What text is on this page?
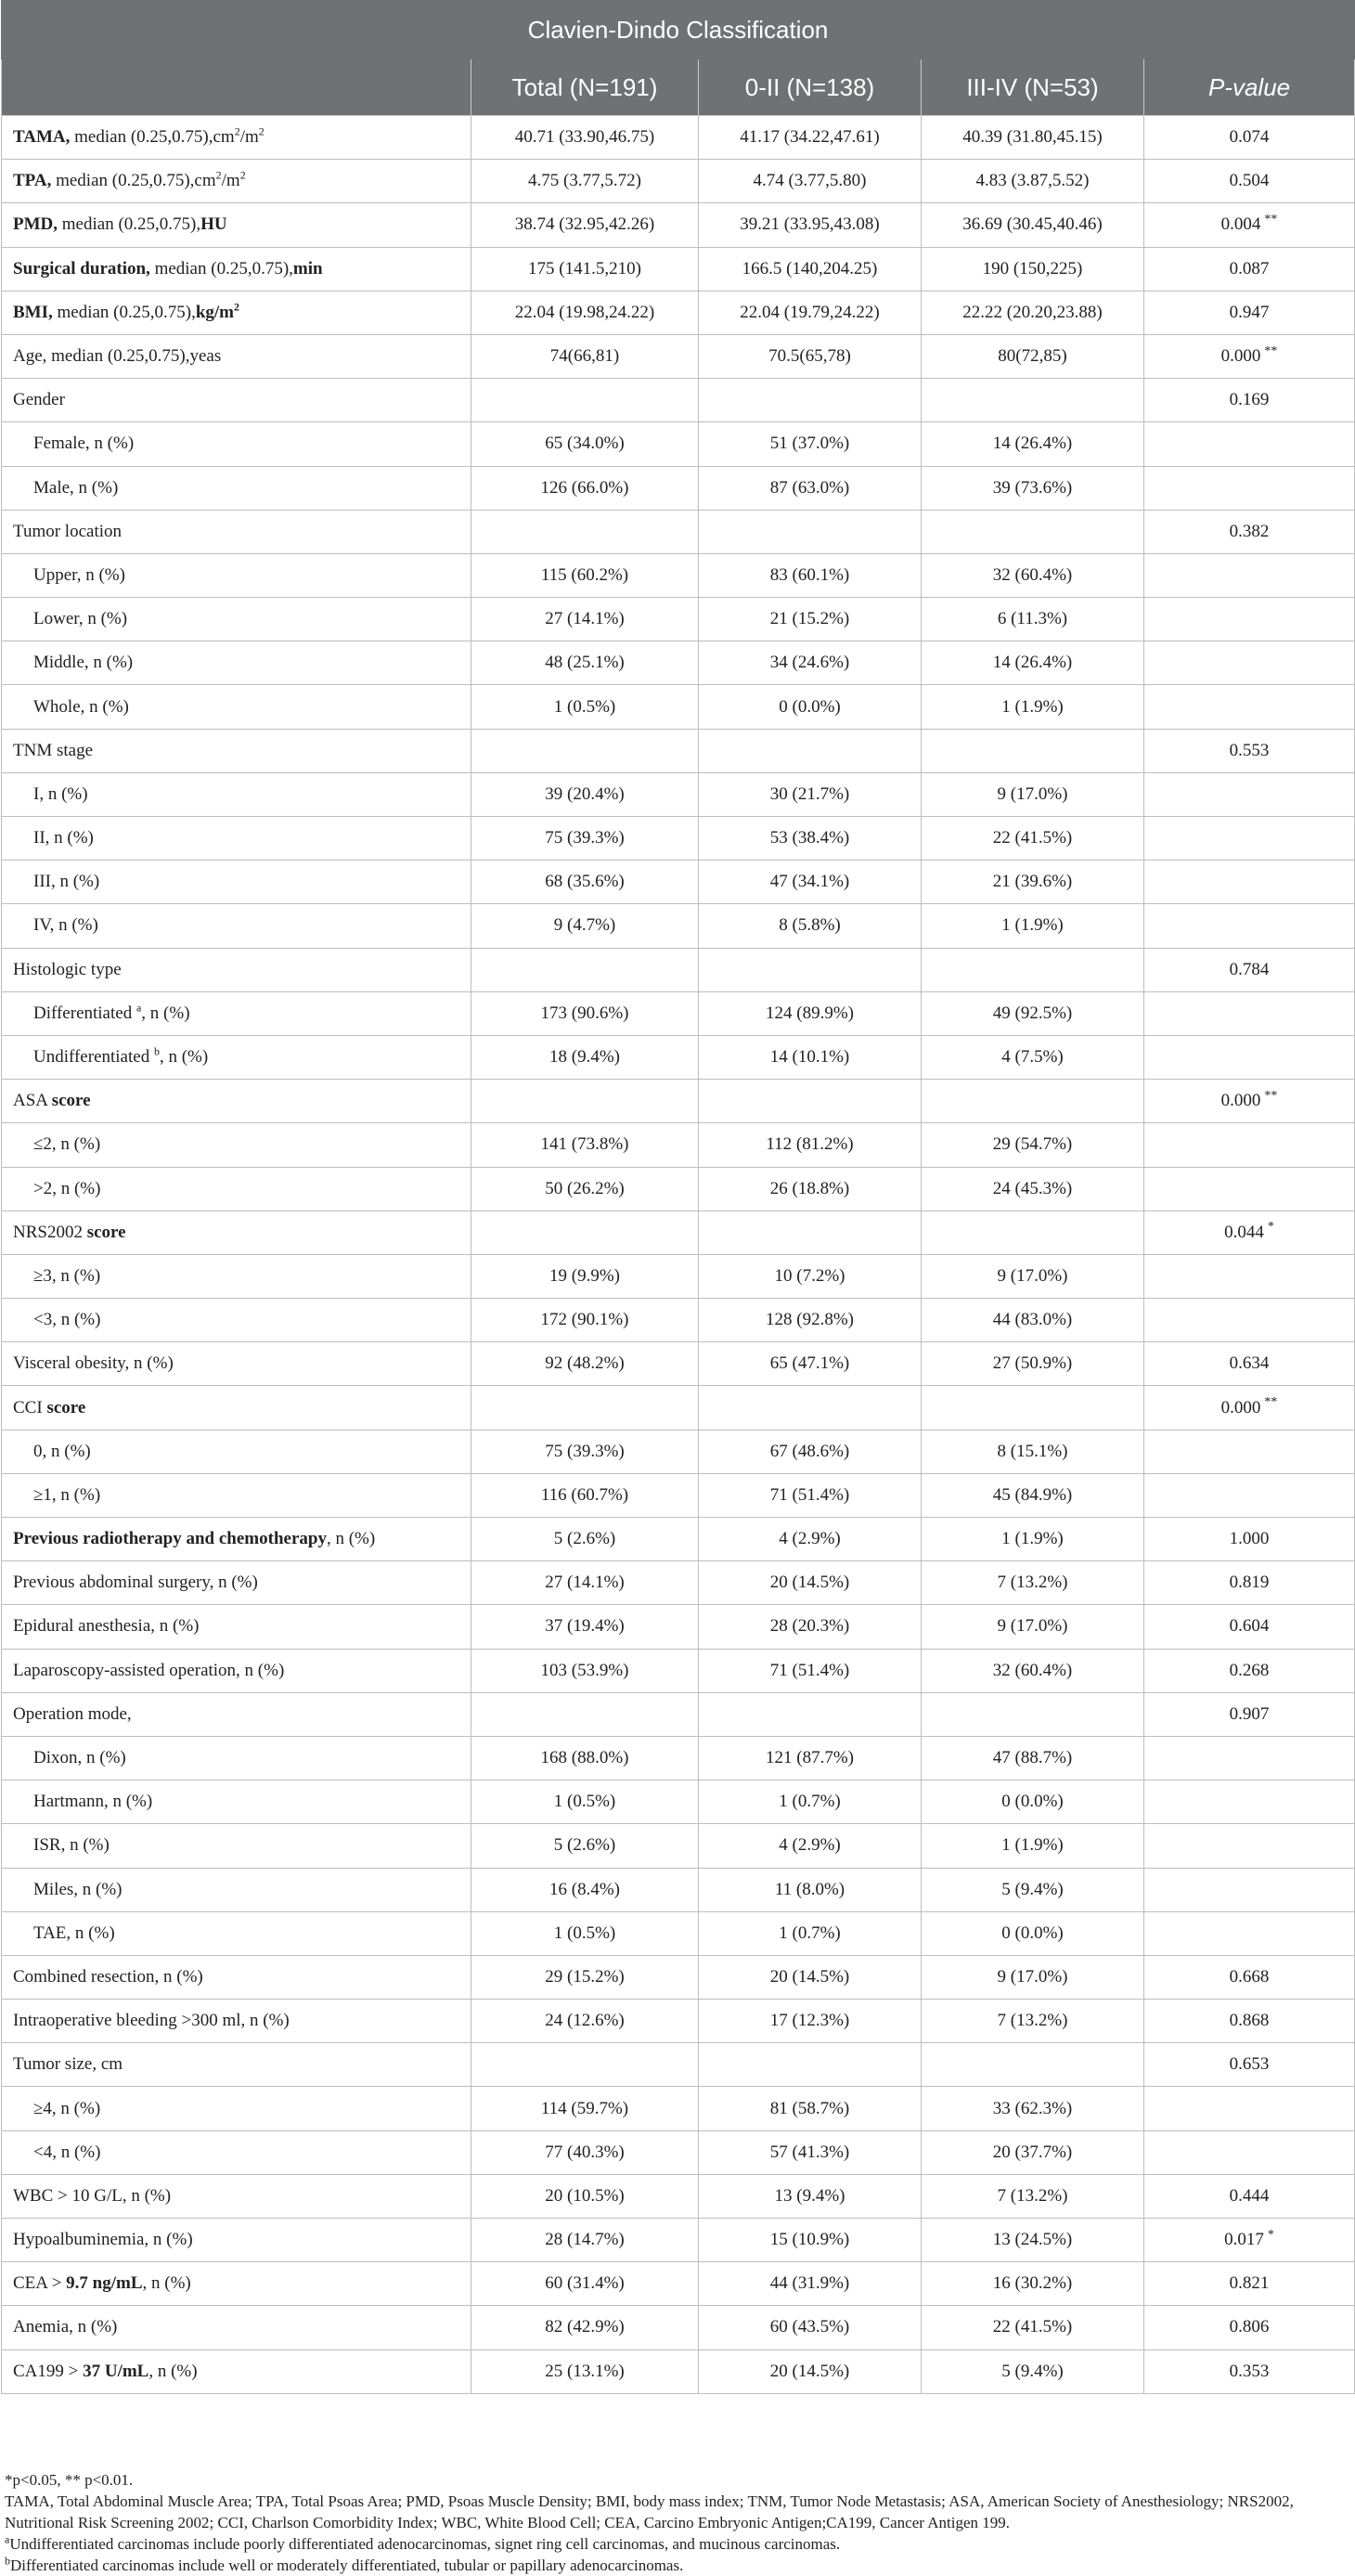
Clavien-Dindo Classification				
	Total (N=191)	0-II (N=138)	III-IV (N=53)	P-value
TAMA, median $(0.25,0.75),cm^2/m^2$	40.71 (33.90,46.75)	41.17 (34.22,47.61)	40.39 (31.80,45.15)	0.074
TPA, median $(0.25,0.75),cm^2/m^2$	4.75 (3.77,5.72)	4.74 (3.77,5.80)	4.83 (3.87,5.52)	0.504
PMD, median (0.25,0.75),HU	38.74 (32.95,42.26)	39.21 (33.95,43.08)	36.69 (30.45,40.46)	0.004 **
Surgical duration, median (0.25,0.75),min	175 (141.5,210)	166.5 (140,204.25)	190 (150,225)	0.087
BMI, median $(0.25,0.75),kg/m^2$	22.04 (19.98,24.22)	22.04 (19.79,24.22)	22.22 (20.20,23.88)	0.947
Age, median (0.25,0.75),yeas	74(66,81)	70.5(65,78)	80(72,85)	0.000 **
Gender				0.169
Female, n (%)	65 (34.0%)	51 (37.0%)	14 (26.4%)	
Male, n (%)	126 (66.0%)	87 (63.0%)	39 (73.6%)	
Tumor location				0.382
Upper, n (%)	115 (60.2%)	83 (60.1%)	32 (60.4%)	
Lower, n (%)	27 (14.1%)	21 (15.2%)	6 (11.3%)	
Middle, n (%)	48 (25.1%)	34 (24.6%)	14 (26.4%)	
Whole, n (%)	1 (0.5%)	0 (0.0%)	1 (1.9%)	
TNM stage				0.553
I, n (%)	39 (20.4%)	30 (21.7%)	9 (17.0%)	
II, n (%)	75 (39.3%)	53 (38.4%)	22 (41.5%)	
III, n (%)	68 (35.6%)	47 (34.1%)	21 (39.6%)	
IV, n (%)	9 (4.7%)	8 (5.8%)	1 (1.9%)	
Histologic type				0.784
Differentiated $^a$, n (%)	173 (90.6%)	124 (89.9%)	49 (92.5%)	
Undifferentiated $^b$, n (%)	18 (9.4%)	14 (10.1%)	4 (7.5%)	
ASA score				0.000 **
≤2, n (%)	141 (73.8%)	112 (81.2%)	29 (54.7%)	
>2, n (%)	50 (26.2%)	26 (18.8%)	24 (45.3%)	
NRS2002 score				0.044 *
≥3, n (%)	19 (9.9%)	10 (7.2%)	9 (17.0%)	
<3, n (%)	172 (90.1%)	128 (92.8%)	44 (83.0%)	
Visceral obesity, n (%)	92 (48.2%)	65 (47.1%)	27 (50.9%)	0.634
CCI score				0.000 **
0, n (%)	75 (39.3%)	67 (48.6%)	8 (15.1%)	
≥1, n (%)	116 (60.7%)	71 (51.4%)	45 (84.9%)	
Previous radiotherapy and chemotherapy, n (%)	5 (2.6%)	4 (2.9%)	1 (1.9%)	1.000
Previous abdominal surgery, n (%)	27 (14.1%)	20 (14.5%)	7 (13.2%)	0.819
Epidural anesthesia, n (%)	37 (19.4%)	28 (20.3%)	9 (17.0%)	0.604
Laparoscopy-assisted operation, n (%)	103 (53.9%)	71 (51.4%)	32 (60.4%)	0.268
Operation mode,				0.907
Dixon, n (%)	168 (88.0%)	121 (87.7%)	47 (88.7%)	
Hartmann, n (%)	1 (0.5%)	1 (0.7%)	0 (0.0%)	
ISR, n (%)	5 (2.6%)	4 (2.9%)	1 (1.9%)	
Miles, n (%)	16 (8.4%)	11 (8.0%)	5 (9.4%)	
TAE, n (%)	1 (0.5%)	1 (0.7%)	0 (0.0%)	
Combined resection, n (%)	29 (15.2%)	20 (14.5%)	9 (17.0%)	0.668
Intraoperative bleeding >300 ml, n (%)	24 (12.6%)	17 (12.3%)	7 (13.2%)	0.868
Tumor size, cm				0.653
≥4, n (%)	114 (59.7%)	81 (58.7%)	33 (62.3%)	
<4, n (%)	77 (40.3%)	57 (41.3%)	20 (37.7%)	
WBC > 10 G/L, n (%)	20 (10.5%)	13 (9.4%)	7 (13.2%)	0.444
Hypoalbuminemia, n (%)	28 (14.7%)	15 (10.9%)	13 (24.5%)	0.017 *
CEA > 9.7 ng/mL, n (%)	60 (31.4%)	44 (31.9%)	16 (30.2%)	0.821
Anemia, n (%)	82 (42.9%)	60 (43.5%)	22 (41.5%)	0.806
CA199 > 37 U/mL, n (%)	25 (13.1%)	20 (14.5%)	5 (9.4%)	0.353

*p<0.05, ** p<0.01.

TAMA, Total Abdominal Muscle Area; TPA, Total Psoas Area; PMD, Psoas Muscle Density; BMI, body mass index; TNM, Tumor Node Metastasis; ASA, American Society of Anesthesiology; NRS2002, Nutritional Risk Screening 2002; CCI, Charlson Comorbidity Index; WBC, White Blood Cell; CEA, Carcino Embryonic Antigen;CA199, Cancer Antigen 199.

$^a$Undifferentiated carcinomas include poorly differentiated adenocarcinomas, signet ring cell carcinomas, and mucinous carcinomas.

$^b$Differentiated carcinomas include well or moderately differentiated, tubular or papillary adenocarcinomas.
